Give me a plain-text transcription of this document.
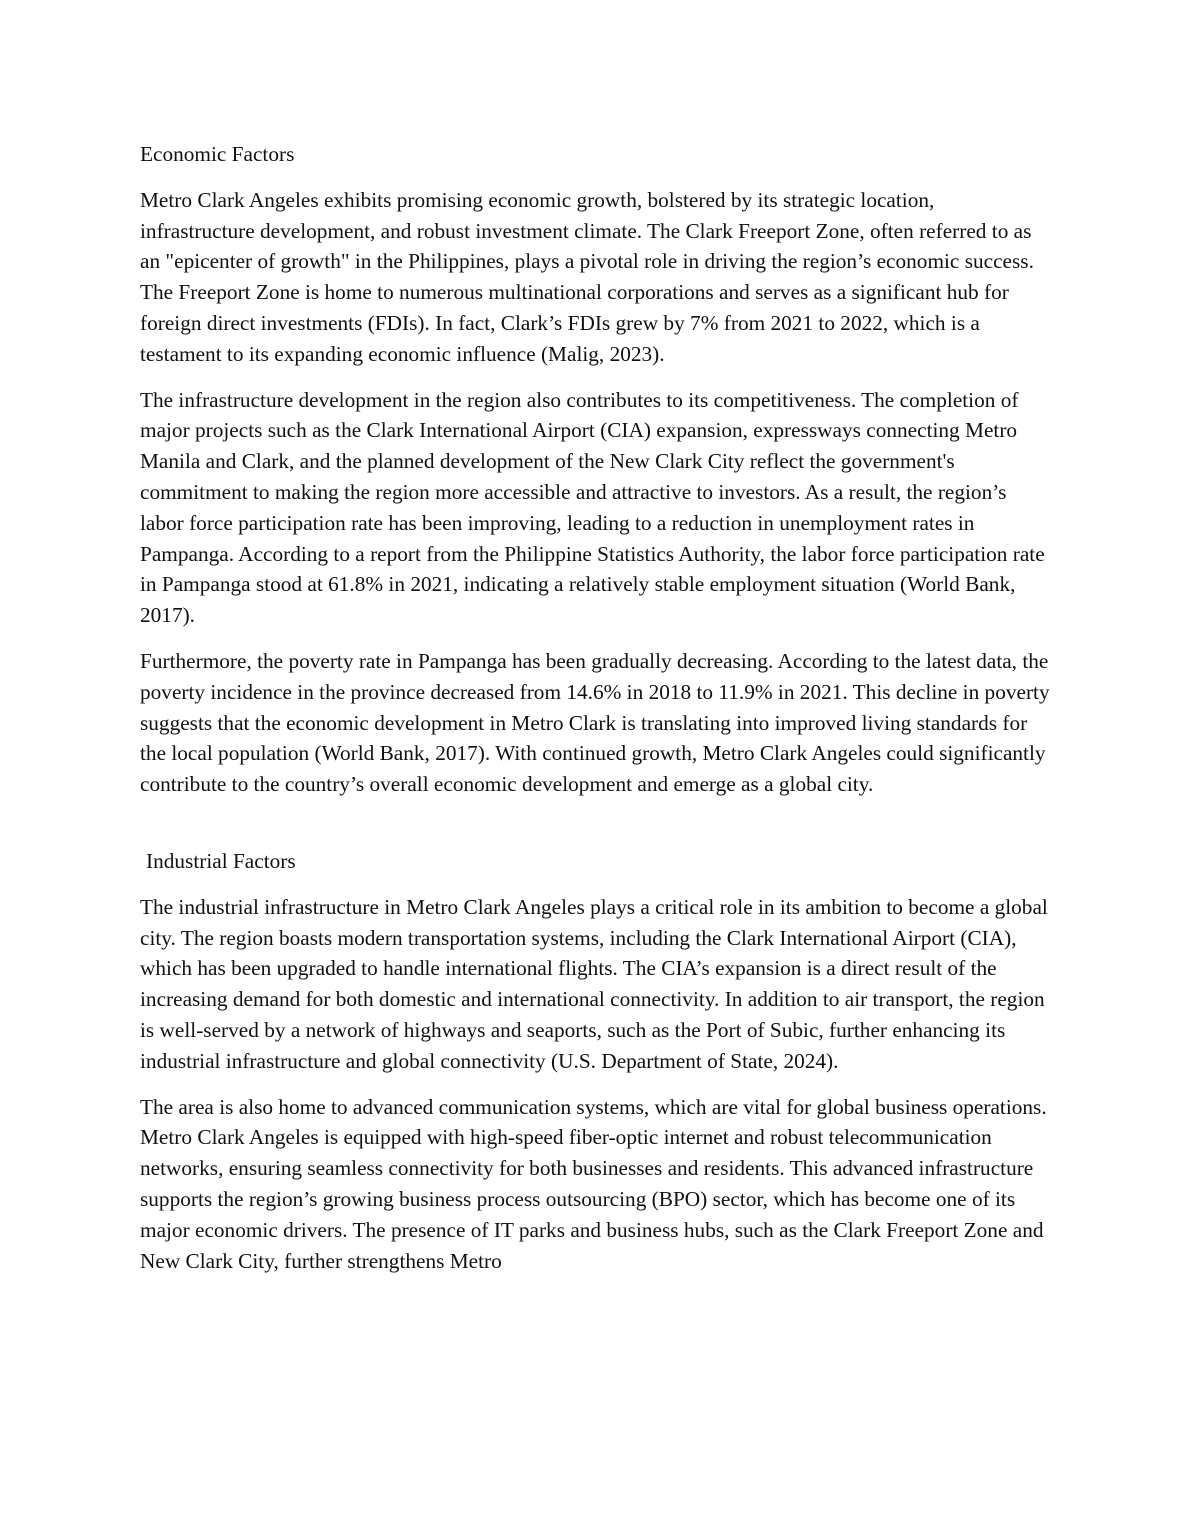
Economic Factors

Metro Clark Angeles exhibits promising economic growth, bolstered by its strategic location, infrastructure development, and robust investment climate. The Clark Freeport Zone, often referred to as an "epicenter of growth" in the Philippines, plays a pivotal role in driving the region’s economic success. The Freeport Zone is home to numerous multinational corporations and serves as a significant hub for foreign direct investments (FDIs). In fact, Clark’s FDIs grew by 7% from 2021 to 2022, which is a testament to its expanding economic influence (Malig, 2023).

The infrastructure development in the region also contributes to its competitiveness. The completion of major projects such as the Clark International Airport (CIA) expansion, expressways connecting Metro Manila and Clark, and the planned development of the New Clark City reflect the government's commitment to making the region more accessible and attractive to investors. As a result, the region’s labor force participation rate has been improving, leading to a reduction in unemployment rates in Pampanga. According to a report from the Philippine Statistics Authority, the labor force participation rate in Pampanga stood at 61.8% in 2021, indicating a relatively stable employment situation (World Bank, 2017).

Furthermore, the poverty rate in Pampanga has been gradually decreasing. According to the latest data, the poverty incidence in the province decreased from 14.6% in 2018 to 11.9% in 2021. This decline in poverty suggests that the economic development in Metro Clark is translating into improved living standards for the local population (World Bank, 2017). With continued growth, Metro Clark Angeles could significantly contribute to the country’s overall economic development and emerge as a global city.

Industrial Factors

The industrial infrastructure in Metro Clark Angeles plays a critical role in its ambition to become a global city. The region boasts modern transportation systems, including the Clark International Airport (CIA), which has been upgraded to handle international flights. The CIA’s expansion is a direct result of the increasing demand for both domestic and international connectivity. In addition to air transport, the region is well-served by a network of highways and seaports, such as the Port of Subic, further enhancing its industrial infrastructure and global connectivity (U.S. Department of State, 2024).

The area is also home to advanced communication systems, which are vital for global business operations. Metro Clark Angeles is equipped with high-speed fiber-optic internet and robust telecommunication networks, ensuring seamless connectivity for both businesses and residents. This advanced infrastructure supports the region’s growing business process outsourcing (BPO) sector, which has become one of its major economic drivers. The presence of IT parks and business hubs, such as the Clark Freeport Zone and New Clark City, further strengthens Metro
